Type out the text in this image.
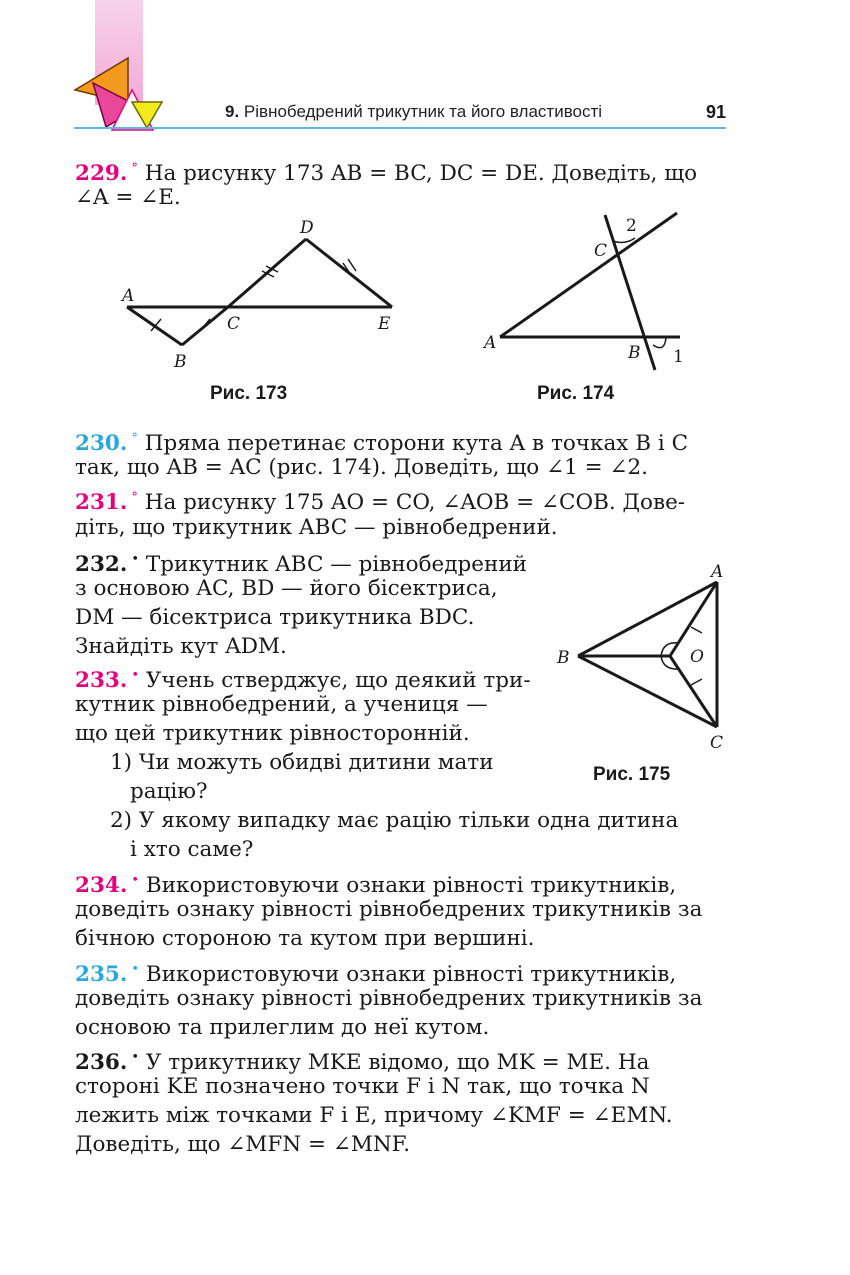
9. Рівнобедрений трикутник та його властивості	91
229. ° На рисунку 173 AB = BC, DC = DE. Доведіть, що
∠A = ∠E.
A
B
C
D
E
Рис. 173
A	B
C
1
2
Рис. 174
230. ° Пряма перетинає сторони кута A в точках B і C
так, що AB = AC (рис. 174). Доведіть, що ∠1 = ∠2.
231. ° На рисунку 175 AO = CO, ∠AOB = ∠COB. Дове-
діть, що трикутник ABC — рівнобедрений.
232. • Трикутник ABC — рівнобедрений
з основою AC, BD — його бісектриса,
DM — бісектриса трикутника BDC.
Знайдіть кут ADM.
233. • Учень стверджує, що деякий три-
кутник рівнобедрений, а учениця —
що цей трикутник рівносторонній.
1) Чи можуть обидві дитини мати
рацію?
2) У якому випадку має рацію тільки одна дитина
і хто саме?
A
B
C
O
Рис. 175
234. • Використовуючи ознаки рівності трикутників,
доведіть ознаку рівності рівнобедрених трикутників за
бічною стороною та кутом при вершині.
235. • Використовуючи ознаки рівності трикутників,
доведіть ознаку рівності рівнобедрених трикутників за
основою та прилеглим до неї кутом.
236. • У трикутнику MKE відомо, що MK = ME. На
стороні KE позначено точки F і N так, що точка N
лежить між точками F і E, причому ∠KMF = ∠EMN.
Доведіть, що ∠MFN = ∠MNF.
